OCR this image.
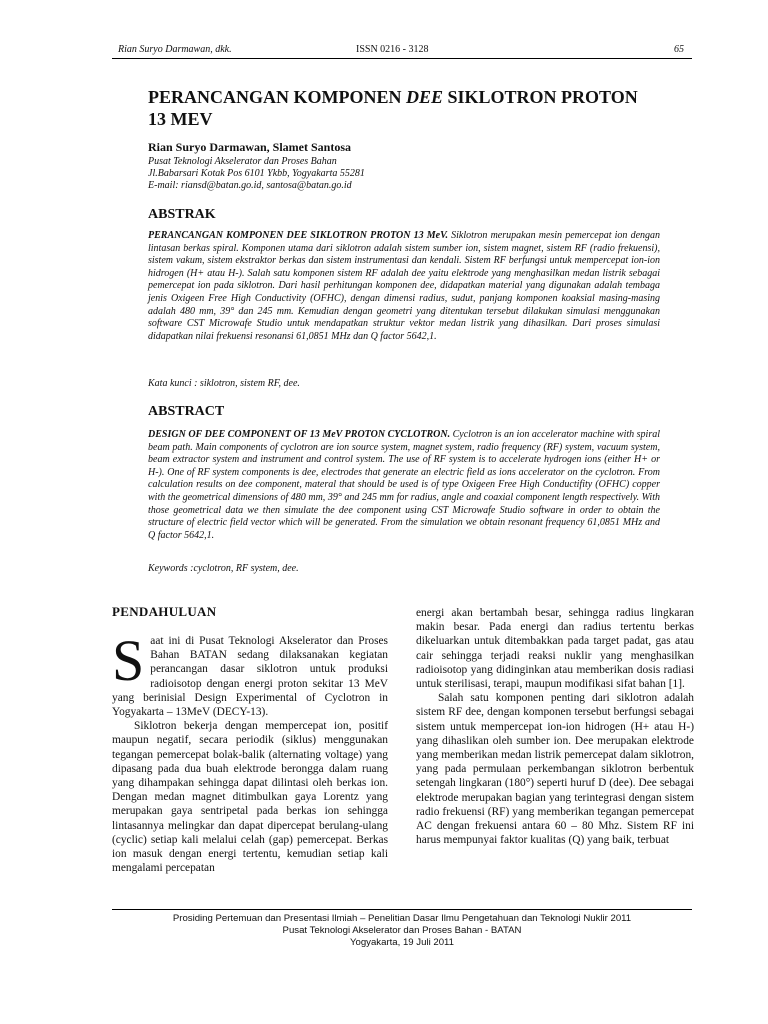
Rian Suryo Darmawan, dkk.	ISSN 0216 - 3128	65
PERANCANGAN KOMPONEN DEE SIKLOTRON PROTON
13 MEV

Rian Suryo Darmawan, Slamet Santosa

Pusat Teknologi Akselerator dan Proses Bahan
Jl.Babarsari Kotak Pos 6101 Ykbb, Yogyakarta 55281
E-mail: riansd@batan.go.id, santosa@batan.go.id
ABSTRAK
PERANCANGAN KOMPONEN DEE SIKLOTRON PROTON 13 MeV. Siklotron merupakan mesin pemercepat ion dengan lintasan berkas spiral. Komponen utama dari siklotron adalah sistem sumber ion, sistem magnet, sistem RF (radio frekuensi), sistem vakum, sistem ekstraktor berkas dan sistem instrumentasi dan kendali. Sistem RF berfungsi untuk mempercepat ion-ion hidrogen (H+ atau H-). Salah satu komponen sistem RF adalah dee yaitu elektrode yang menghasilkan medan listrik sebagai pemercepat ion pada siklotron. Dari hasil perhitungan komponen dee, didapatkan material yang digunakan adalah tembaga jenis Oxigeen Free High Conductivity (OFHC), dengan dimensi radius, sudut, panjang komponen koaksial masing-masing adalah 480 mm, 39° dan 245 mm. Kemudian dengan geometri yang ditentukan tersebut dilakukan simulasi menggunakan software CST Microwafe Studio untuk mendapatkan struktur vektor medan listrik yang dihasilkan. Dari proses simulasi didapatkan nilai frekuensi resonansi 61,0851 MHz dan Q factor 5642,1.
Kata kunci : siklotron, sistem RF, dee.
ABSTRACT
DESIGN OF DEE COMPONENT OF 13 MeV PROTON CYCLOTRON. Cyclotron is an ion accelerator machine with spiral beam path. Main components of cyclotron are ion source system, magnet system, radio frequency (RF) system, vacuum system, beam extractor system and instrument and control system. The use of RF system is to accelerate hydrogen ions (either H+ or H-). One of RF system components is dee, electrodes that generate an electric field as ions accelerator on the cyclotron. From calculation results on dee component, materal that should be used is of type Oxigeen Free High Conductifity (OFHC) copper with the geometrical dimensions of 480 mm, 39° and 245 mm for radius, angle and coaxial component length respectively. With those geometrical data we then simulate the dee component using CST Microwafe Studio software in order to obtain the structure of electric field vector which will be generated. From the simulation we obtain resonant frequency 61,0851 MHz and Q factor 5642,1.
Keywords :cyclotron, RF system, dee.
PENDAHULUAN

Saat ini di Pusat Teknologi Akselerator dan Proses Bahan BATAN sedang dilaksanakan kegiatan perancangan dasar siklotron untuk produksi radioisotop dengan energi proton sekitar 13 MeV yang berinisial Design Experimental of Cyclotron in Yogyakarta – 13MeV (DECY-13).

Siklotron bekerja dengan mempercepat ion, positif maupun negatif, secara periodik (siklus) menggunakan tegangan pemercepat bolak-balik (alternating voltage) yang dipasang pada dua buah elektrode berongga dalam ruang yang dihampakan sehingga dapat dilintasi oleh berkas ion. Dengan medan magnet ditimbulkan gaya Lorentz yang merupakan gaya sentripetal pada berkas ion sehingga lintasannya melingkar dan dapat dipercepat berulang-ulang (cyclic) setiap kali melalui celah (gap) pemercepat. Berkas ion masuk dengan energi tertentu, kemudian setiap kali mengalami percepatan

energi akan bertambah besar, sehingga radius lingkaran makin besar. Pada energi dan radius tertentu berkas dikeluarkan untuk ditembakkan pada target padat, gas atau cair sehingga terjadi reaksi nuklir yang menghasilkan radioisotop yang didinginkan atau memberikan dosis radiasi untuk sterilisasi, terapi, maupun modifikasi sifat bahan [1].

Salah satu komponen penting dari siklotron adalah sistem RF dee, dengan komponen tersebut berfungsi sebagai sistem untuk mempercepat ion-ion hidrogen (H+ atau H-) yang dihaslikan oleh sumber ion. Dee merupakan elektrode yang memberikan medan listrik pemercepat dalam siklotron, yang pada permulaan perkembangan siklotron berbentuk setengah lingkaran (180°) seperti huruf D (dee). Dee sebagai elektrode merupakan bagian yang terintegrasi dengan sistem radio frekuensi (RF) yang memberikan tegangan pemercepat AC dengan frekuensi antara 60 – 80 Mhz. Sistem RF ini harus mempunyai faktor kualitas (Q) yang baik, terbuat

Prosiding Pertemuan dan Presentasi Ilmiah – Penelitian Dasar Ilmu Pengetahuan dan Teknologi Nuklir 2011
Pusat Teknologi Akselerator dan Proses Bahan - BATAN
Yogyakarta, 19 Juli 2011
